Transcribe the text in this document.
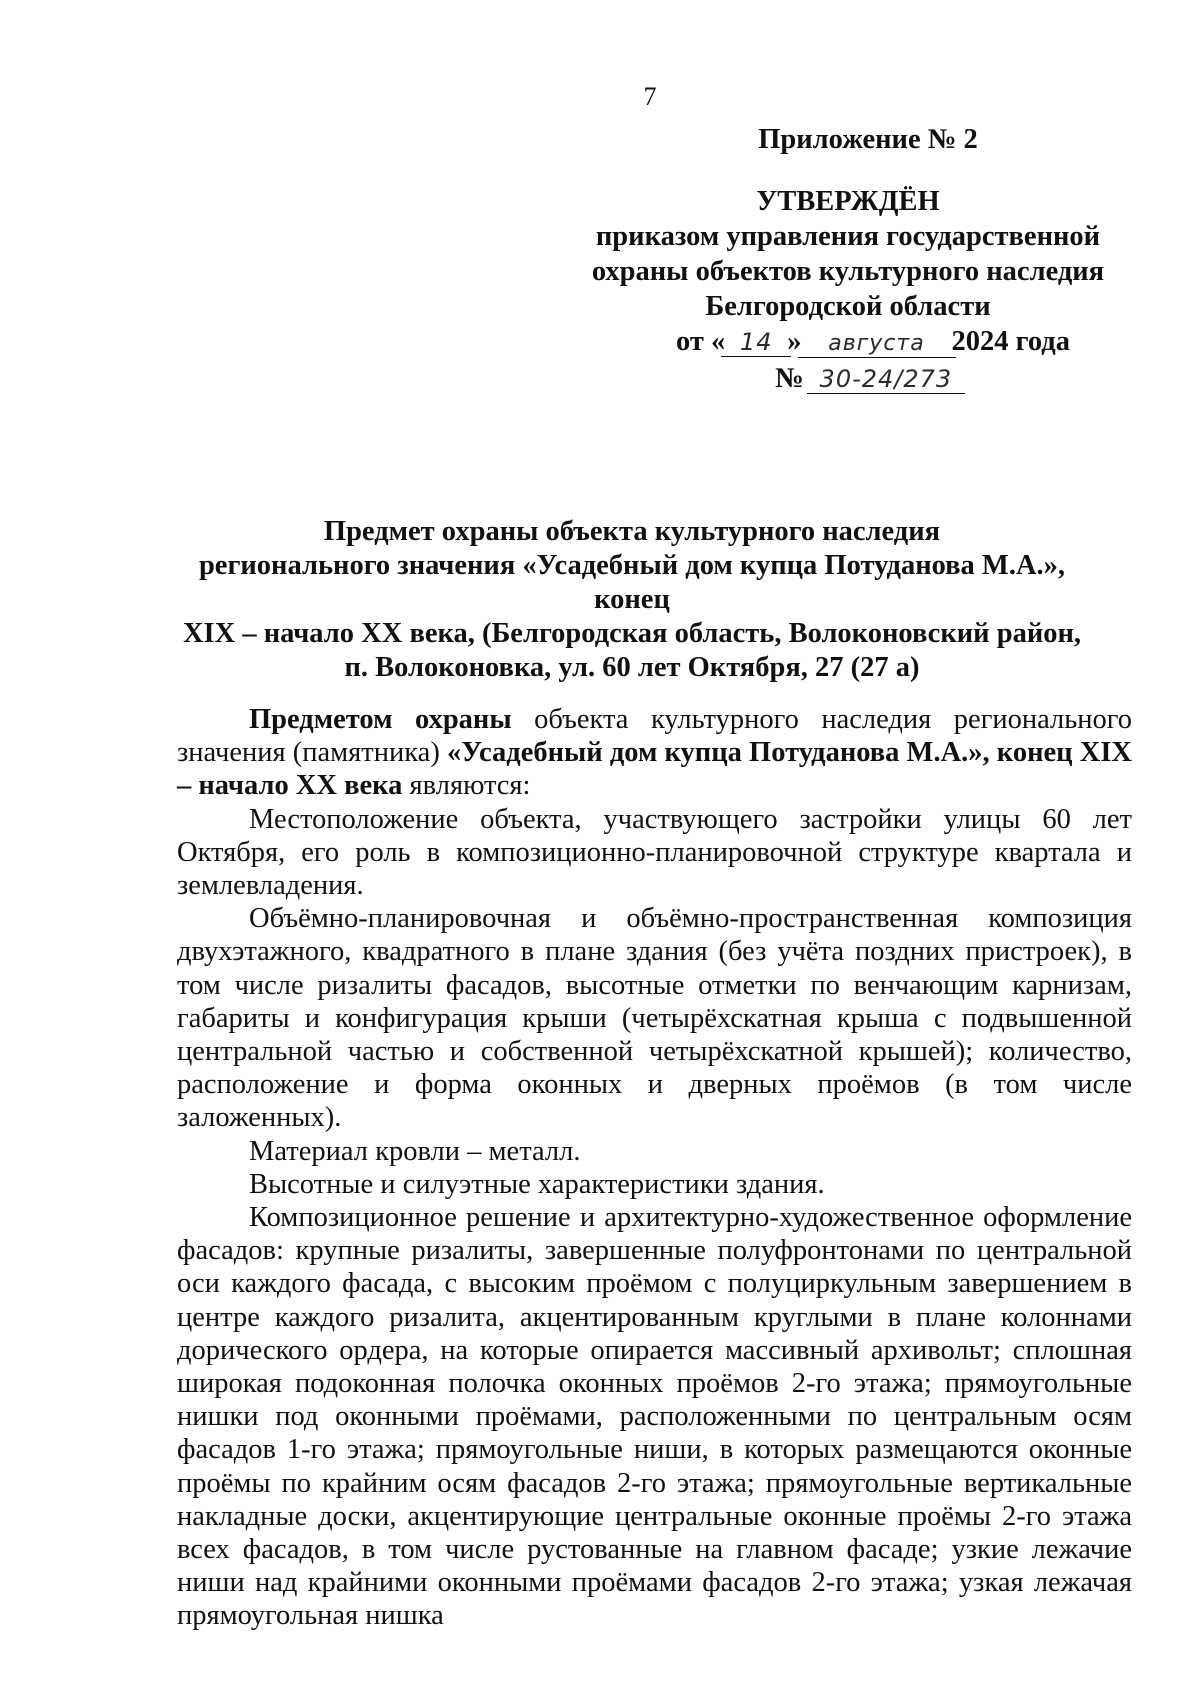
7
Приложение № 2
УТВЕРЖДЁН
приказом управления государственной
охраны объектов культурного наследия
Белгородской области
от « 14 » августа 2024 года
№ 30-24/273
Предмет охраны объекта культурного наследия
регионального значения «Усадебный дом купца Потуданова М.А.», конец
XIX – начало XX века, (Белгородская область, Волоконовский район,
п. Волоконовка, ул. 60 лет Октября, 27 (27 а)

Предметом охраны объекта культурного наследия регионального значения (памятника) «Усадебный дом купца Потуданова М.А.», конец XIX – начало XX века являются:

Местоположение объекта, участвующего застройки улицы 60 лет Октября, его роль в композиционно-планировочной структуре квартала и землевладения.

Объёмно-планировочная и объёмно-пространственная композиция двухэтажного, квадратного в плане здания (без учёта поздних пристроек), в том числе ризалиты фасадов, высотные отметки по венчающим карнизам, габариты и конфигурация крыши (четырёхскатная крыша с подвышенной центральной частью и собственной четырёхскатной крышей); количество, расположение и форма оконных и дверных проёмов (в том числе заложенных).

Материал кровли – металл.

Высотные и силуэтные характеристики здания.

Композиционное решение и архитектурно-художественное оформление фасадов: крупные ризалиты, завершенные полуфронтонами по центральной оси каждого фасада, с высоким проёмом с полуциркульным завершением в центре каждого ризалита, акцентированным круглыми в плане колоннами дорического ордера, на которые опирается массивный архивольт; сплошная широкая подоконная полочка оконных проёмов 2-го этажа; прямоугольные нишки под оконными проёмами, расположенными по центральным осям фасадов 1-го этажа; прямоугольные ниши, в которых размещаются оконные проёмы по крайним осям фасадов 2-го этажа; прямоугольные вертикальные накладные доски, акцентирующие центральные оконные проёмы 2-го этажа всех фасадов, в том числе рустованные на главном фасаде; узкие лежачие ниши над крайними оконными проёмами фасадов 2-го этажа; узкая лежачая прямоугольная нишка
